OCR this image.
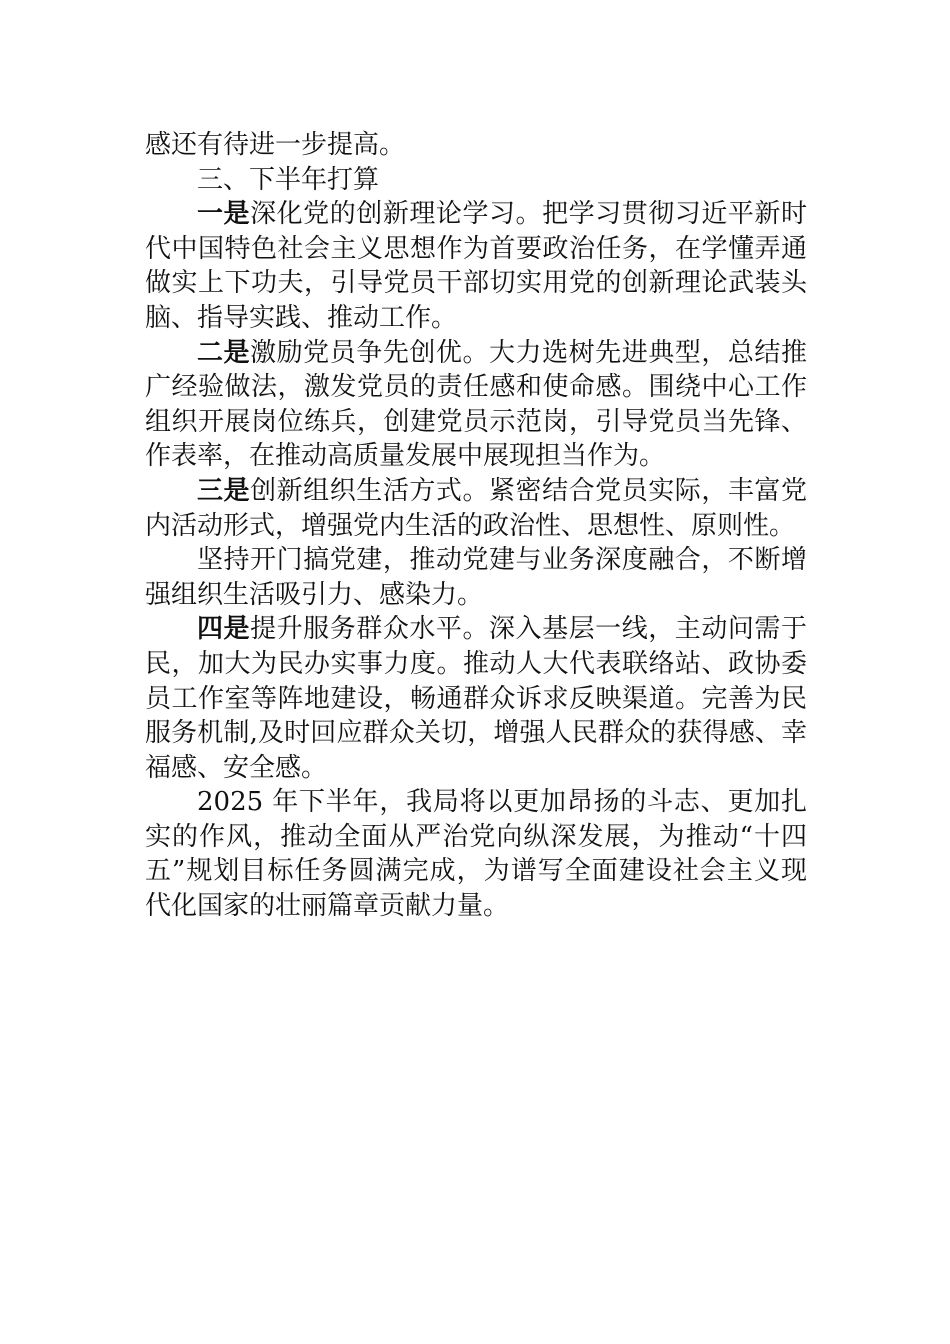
感还有待进一步提高。

三、下半年打算

一是深化党的创新理论学习。把学习贯彻习近平新时代中国特色社会主义思想作为首要政治任务，在学懂弄通做实上下功夫，引导党员干部切实用党的创新理论武装头脑、指导实践、推动工作。

二是激励党员争先创优。大力选树先进典型，总结推广经验做法，激发党员的责任感和使命感。围绕中心工作组织开展岗位练兵，创建党员示范岗，引导党员当先锋、作表率，在推动高质量发展中展现担当作为。

三是创新组织生活方式。紧密结合党员实际，丰富党内活动形式，增强党内生活的政治性、思想性、原则性。

坚持开门搞党建，推动党建与业务深度融合，不断增强组织生活吸引力、感染力。

四是提升服务群众水平。深入基层一线，主动问需于民，加大为民办实事力度。推动人大代表联络站、政协委员工作室等阵地建设，畅通群众诉求反映渠道。完善为民服务机制,及时回应群众关切，增强人民群众的获得感、幸福感、安全感。

2025 年下半年，我局将以更加昂扬的斗志、更加扎实的作风，推动全面从严治党向纵深发展，为推动“十四五”规划目标任务圆满完成，为谱写全面建设社会主义现代化国家的壮丽篇章贡献力量。
